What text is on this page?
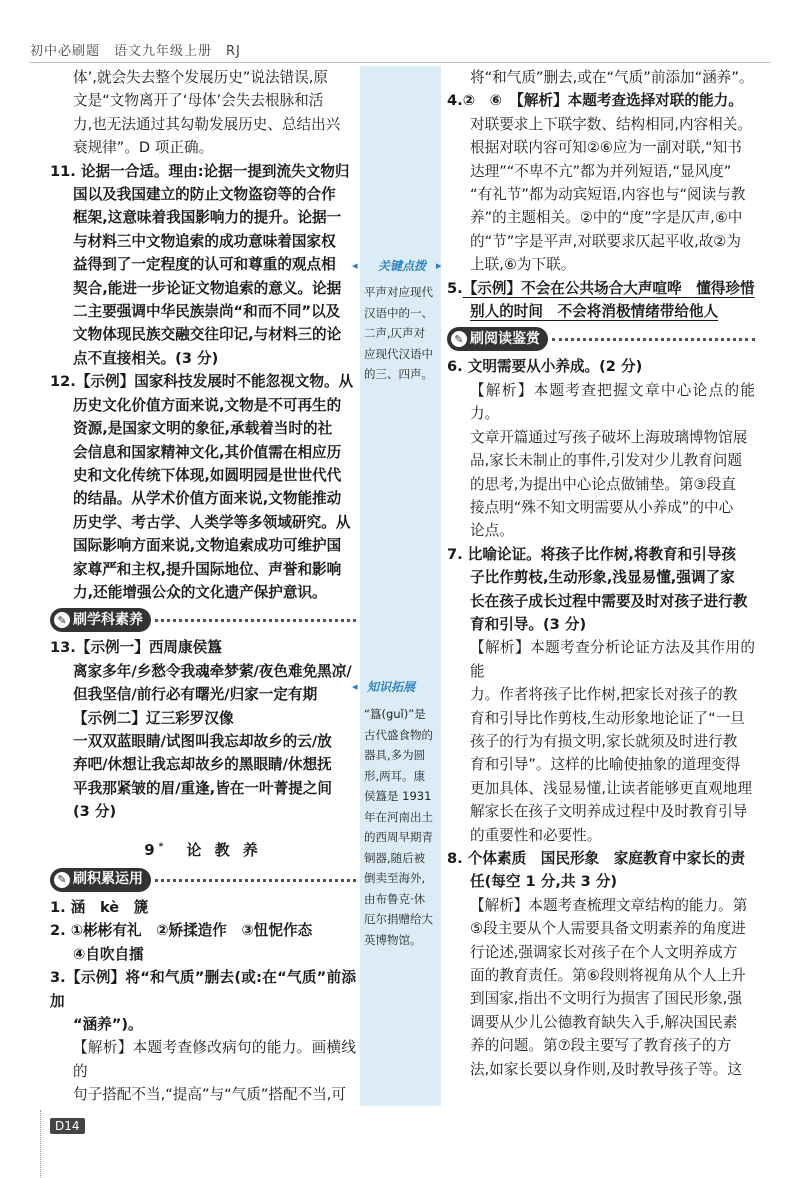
初中必刷题　语文九年级上册　RJ

体’,就会失去整个发展历史”说法错误,原

文是“文物离开了‘母体’会失去根脉和活

力,也无法通过其勾勒发展历史、总结出兴

衰规律”。D 项正确。

11. 论据一合适。理由:论据一提到流失文物归

国以及我国建立的防止文物盗窃等的合作

框架,这意味着我国影响力的提升。论据一

与材料三中文物追索的成功意味着国家权

益得到了一定程度的认可和尊重的观点相

契合,能进一步论证文物追索的意义。论据

二主要强调中华民族崇尚“和而不同”以及

文物体现民族交融交往印记,与材料三的论

点不直接相关。(3 分)

12.【示例】国家科技发展时不能忽视文物。从

历史文化价值方面来说,文物是不可再生的

资源,是国家文明的象征,承载着当时的社

会信息和国家精神文化,其价值需在相应历

史和文化传统下体现,如圆明园是世世代代

的结晶。从学术价值方面来说,文物能推动

历史学、考古学、人类学等多领域研究。从

国际影响方面来说,文物追索成功可维护国

家尊严和主权,提升国际地位、声誉和影响

力,还能增强公众的文化遗产保护意识。

✎ 刷学科素养

13.【示例一】西周康侯簋

离家多年/乡愁令我魂牵梦萦/夜色难免黑凉/

但我坚信/前行必有曙光/归家一定有期

【示例二】辽三彩罗汉像

一双双蓝眼睛/试图叫我忘却故乡的云/放

弃吧/休想让我忘却故乡的黑眼睛/休想抚

平我那紧皱的眉/重逢,皆在一叶菁提之间

(3 分)

9*　 论 教 养
✎ 刷积累运用

1. 涵　kè　篪

2. ①彬彬有礼　②矫揉造作　③忸怩作态

④自吹自擂

3.【示例】将“和气质”删去(或:在“气质”前添加

“涵养”)。

【解析】本题考查修改病句的能力。画横线的

句子搭配不当,“提高”与“气质”搭配不当,可

◂ 关键点拨 ▸
平声对应现代
汉语中的一、
二声,仄声对
应现代汉语中
的三、四声。
◂ 知识拓展
“簋(guǐ)”是
古代盛食物的
器具,多为圆
形,两耳。康
侯簋是 1931
年在河南出土
的西周早期青
铜器,随后被
倒卖至海外,
由布鲁克·休
厄尔捐赠给大
英博物馆。

将“和气质”删去,或在“气质”前添加“涵养”。

4.②　⑥　【解析】本题考查选择对联的能力。

对联要求上下联字数、结构相同,内容相关。

根据对联内容可知②⑥应为一副对联,“知书

达理”“不卑不亢”都为并列短语,“显风度”

“有礼节”都为动宾短语,内容也与“阅读与教

养”的主题相关。②中的“度”字是仄声,⑥中

的“节”字是平声,对联要求仄起平收,故②为

上联,⑥为下联。

5.【示例】不会在公共场合大声喧哗　懂得珍惜

别人的时间　不会将消极情绪带给他人

✎ 刷阅读鉴赏

6. 文明需要从小养成。(2 分)

【解析】本题考查把握文章中心论点的能力。

文章开篇通过写孩子破坏上海玻璃博物馆展

品,家长未制止的事件,引发对少儿教育问题

的思考,为提出中心论点做铺垫。第③段直

接点明“殊不知文明需要从小养成”的中心

论点。

7. 比喻论证。将孩子比作树,将教育和引导孩

子比作剪枝,生动形象,浅显易懂,强调了家

长在孩子成长过程中需要及时对孩子进行教

育和引导。(3 分)

【解析】本题考查分析论证方法及其作用的能

力。作者将孩子比作树,把家长对孩子的教

育和引导比作剪枝,生动形象地论证了“一旦

孩子的行为有损文明,家长就须及时进行教

育和引导”。这样的比喻使抽象的道理变得

更加具体、浅显易懂,让读者能够更直观地理

解家长在孩子文明养成过程中及时教育引导

的重要性和必要性。

8. 个体素质　国民形象　家庭教育中家长的责

任(每空 1 分,共 3 分)

【解析】本题考查梳理文章结构的能力。第

⑤段主要从个人需要具备文明素养的角度进

行论述,强调家长对孩子在个人文明养成方

面的教育责任。第⑥段则将视角从个人上升

到国家,指出不文明行为损害了国民形象,强

调要从少儿公德教育缺失入手,解决国民素

养的问题。第⑦段主要写了教育孩子的方

法,如家长要以身作则,及时教导孩子等。这

D14
